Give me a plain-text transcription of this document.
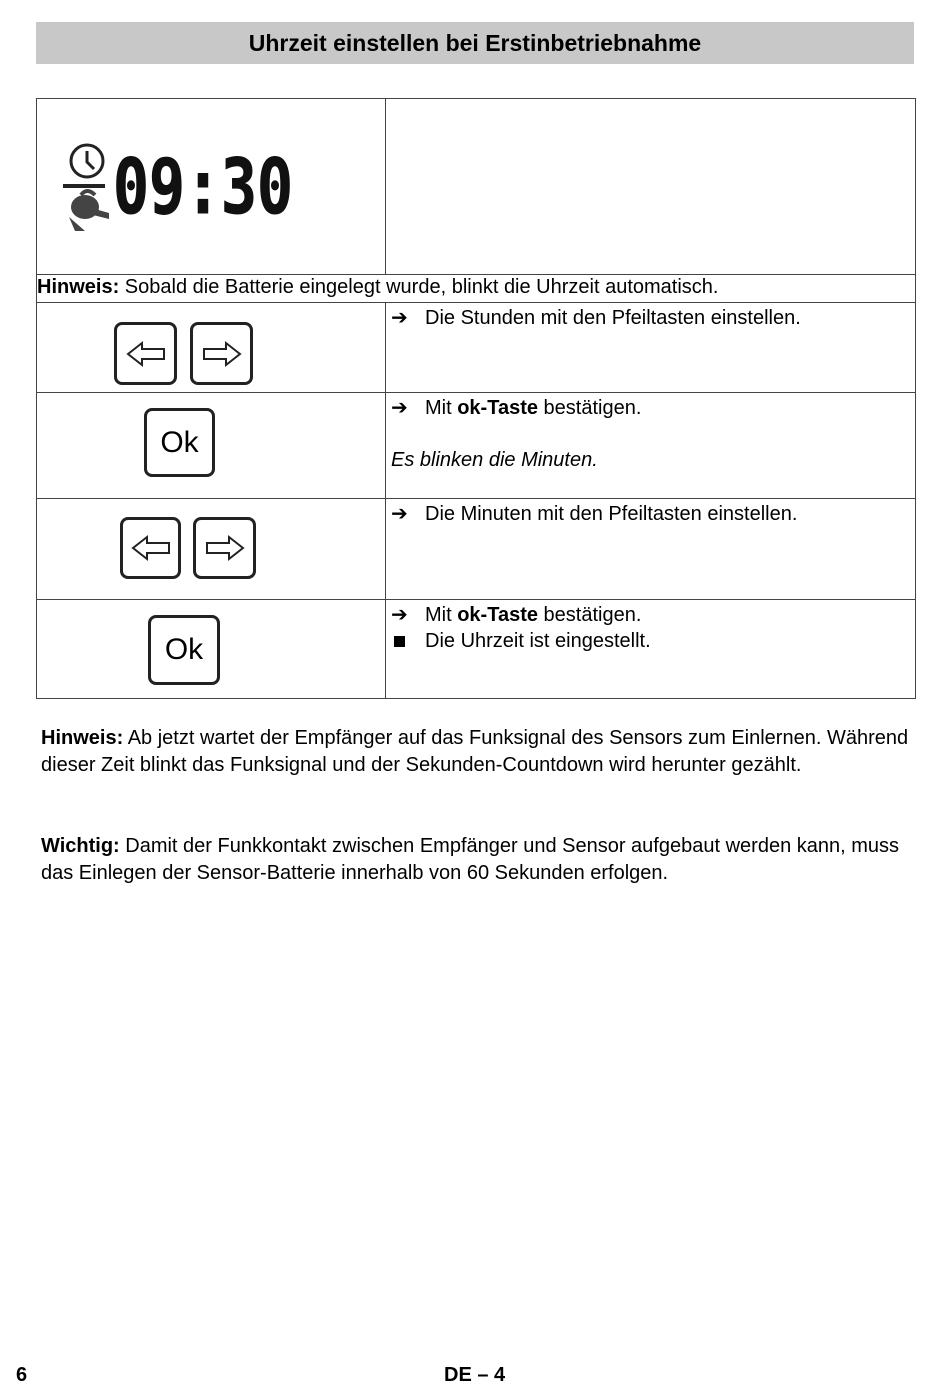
Uhrzeit einstellen bei Erstinbetriebnahme
09:30	

Hinweis: Sobald die Batterie eingelegt wurde, blinkt die Uhrzeit automatisch.	

➔ Die Stunden mit den Pfeiltasten einstellen.

Ok	➔ Mit ok-Taste bestätigen.
Es blinken die Minuten.

➔ Die Minuten mit den Pfeiltasten einstellen.

Ok	➔ Mit ok-Taste bestätigen.
Die Uhrzeit ist eingestellt.
Hinweis: Ab jetzt wartet der Empfänger auf das Funksignal des Sensors zum Einlernen. Während dieser Zeit blinkt das Funksignal und der Sekunden-Countdown wird herunter gezählt.
Wichtig: Damit der Funkkontakt zwischen Empfänger und Sensor aufgebaut werden kann, muss das Einlegen der Sensor-Batterie innerhalb von 60 Sekunden erfolgen.
6	DE – 4
